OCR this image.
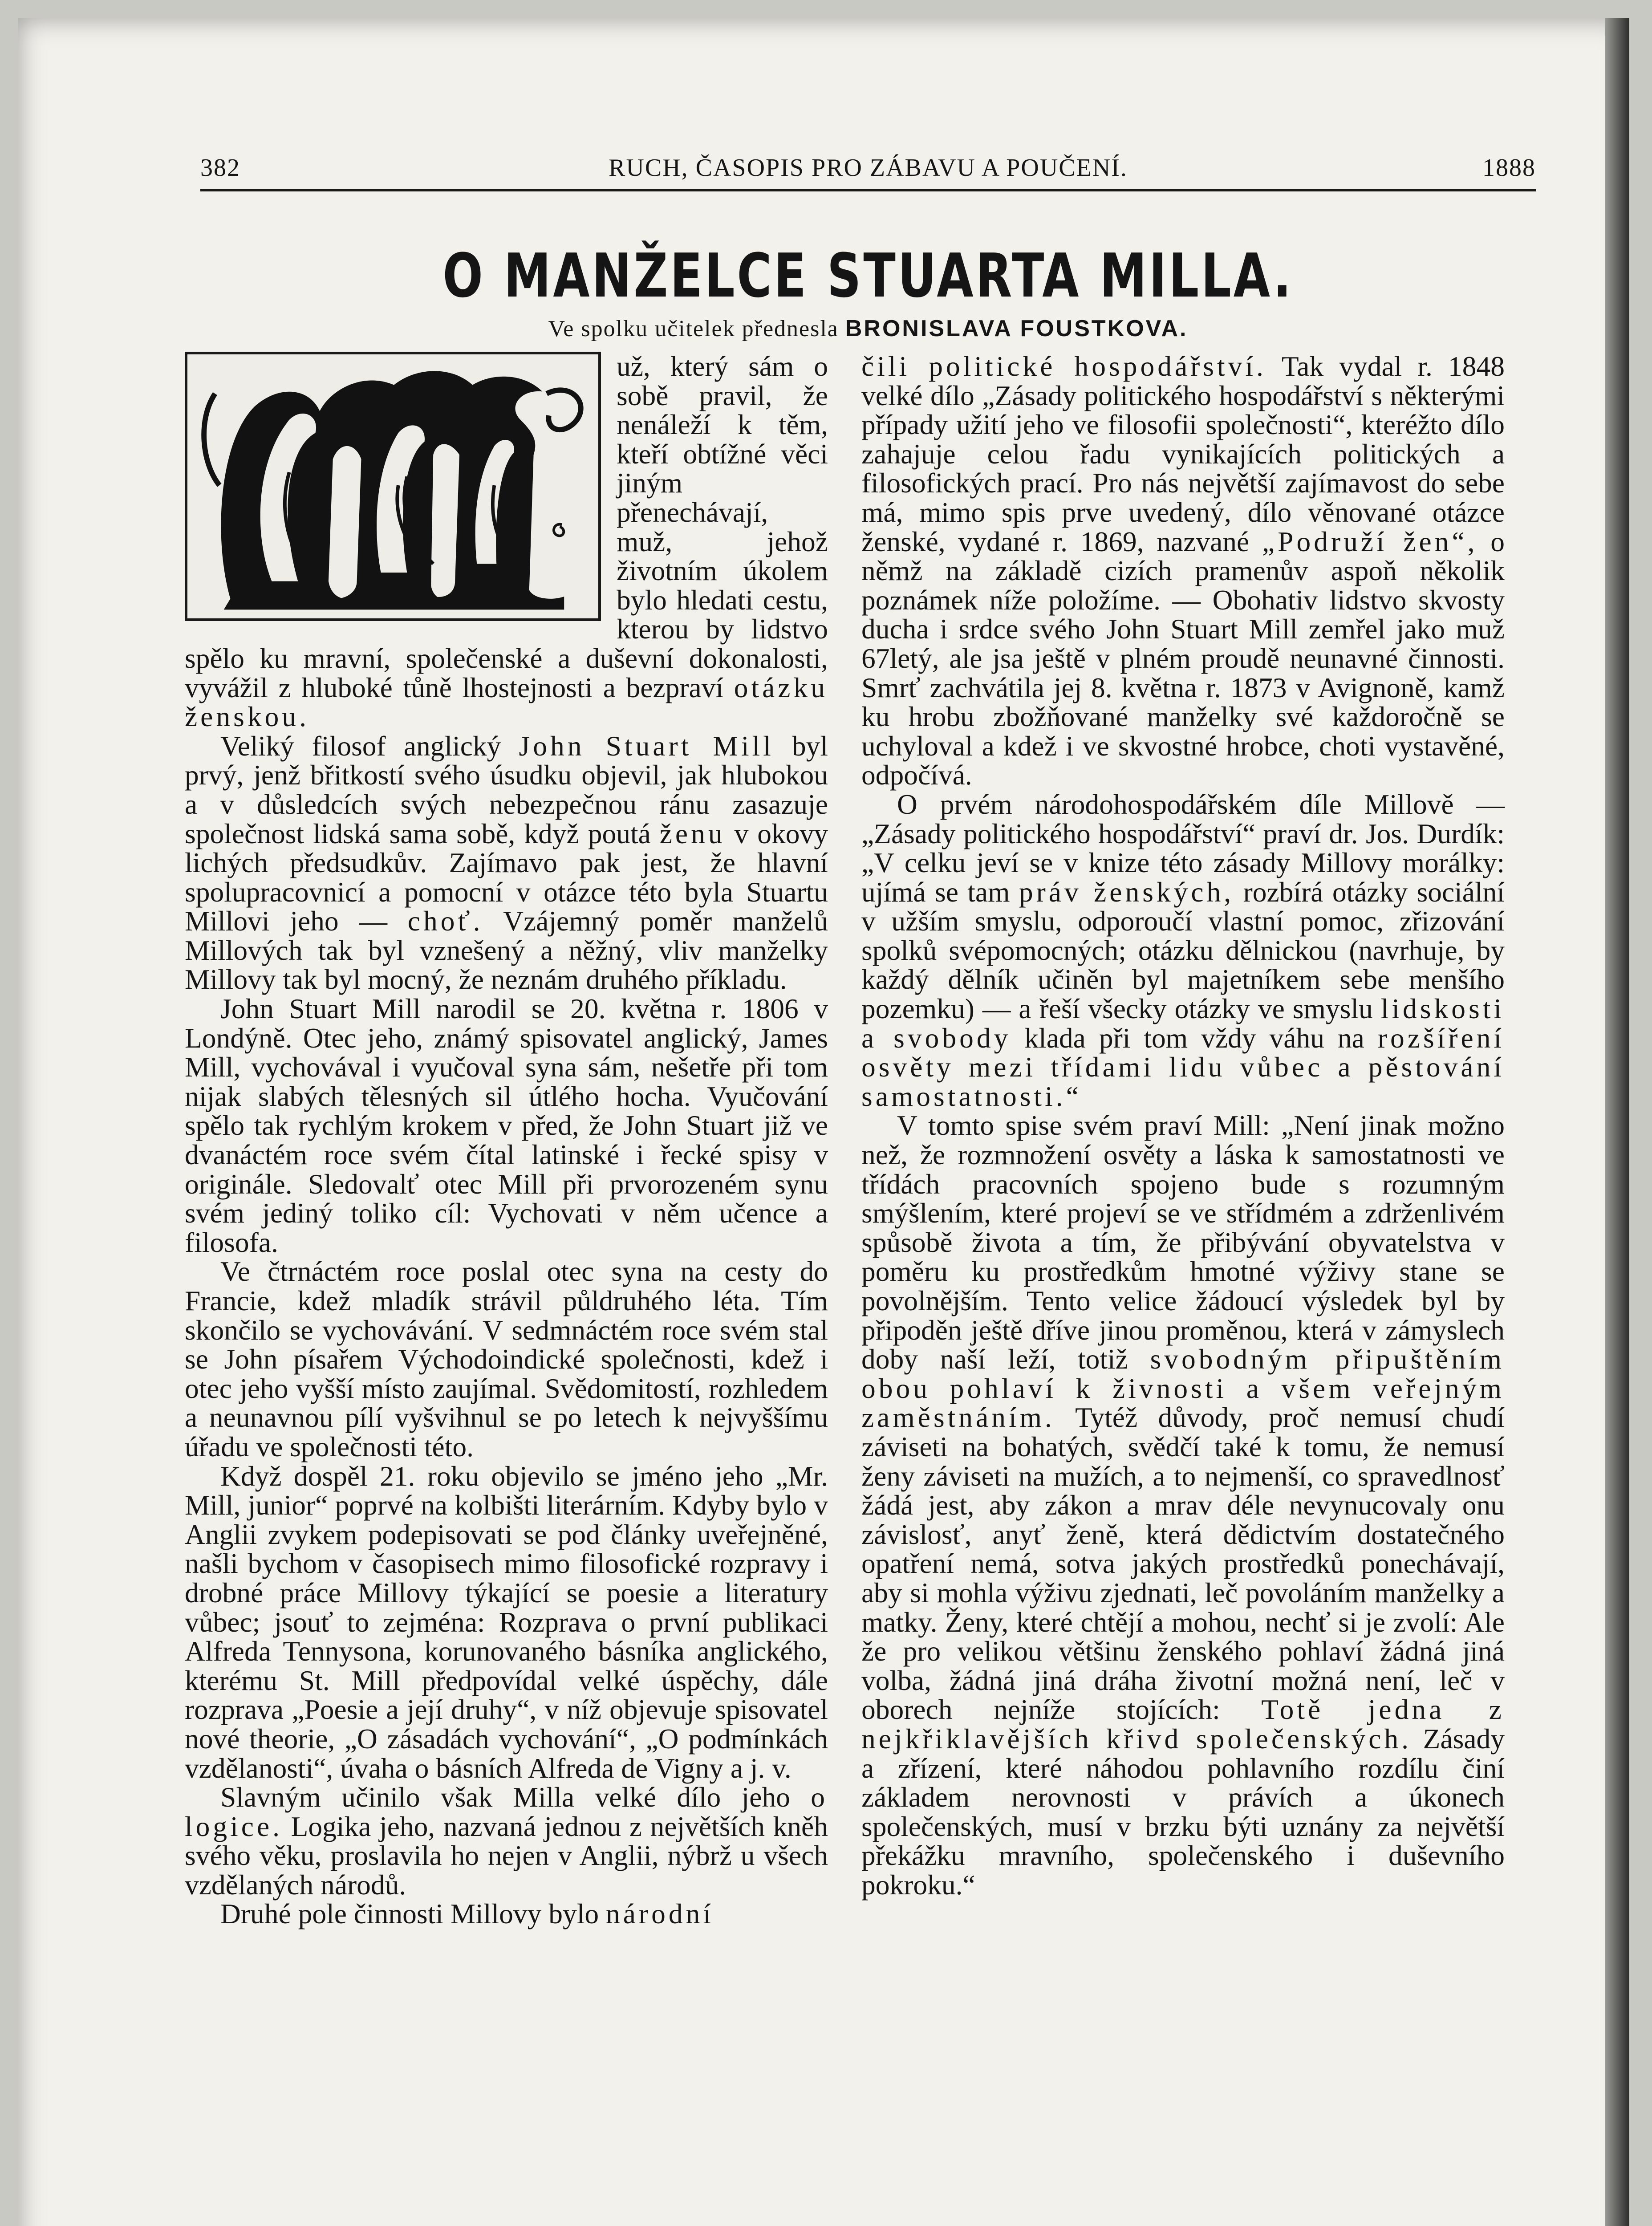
382	RUCH, ČASOPIS PRO ZÁBAVU A POUČENÍ.	1888
O MANŽELCE STUARTA MILLA.
Ve spolku učitelek přednesla BRONISLAVA FOUSTKOVA.

už, který sám o sobě pravil, že nenáleží k těm, kteří obtížné věci jiným přenechávají, muž, jehož životním úkolem bylo hledati cestu, kterou by lidstvo spělo ku mravní, společenské a duševní dokonalosti, vyvážil z hluboké tůně lhostejnosti a bezpraví otázku ženskou.

Veliký filosof anglický John Stuart Mill byl prvý, jenž břitkostí svého úsudku objevil, jak hlubokou a v důsledcích svých nebezpečnou ránu zasazuje společnost lidská sama sobě, když poutá ženu v okovy lichých předsudkův. Zajímavo pak jest, že hlavní spolupracovnicí a pomocní v otázce této byla Stuartu Millovi jeho — choť. Vzájemný poměr manželů Millových tak byl vznešený a něžný, vliv manželky Millovy tak byl mocný, že neznám druhého příkladu.

John Stuart Mill narodil se 20. května r. 1806 v Londýně. Otec jeho, známý spisovatel anglický, James Mill, vychovával i vyučoval syna sám, nešetře při tom nijak slabých tělesných sil útlého hocha. Vyučování spělo tak rychlým krokem v před, že John Stuart již ve dvanáctém roce svém čítal latinské i řecké spisy v originále. Sledovalť otec Mill při prvorozeném synu svém jediný toliko cíl: Vychovati v něm učence a filosofa.

Ve čtrnáctém roce poslal otec syna na cesty do Francie, kdež mladík strávil půldruhého léta. Tím skončilo se vychovávání. V sedmnáctém roce svém stal se John písařem Východoindické společnosti, kdež i otec jeho vyšší místo zaujímal. Svědomitostí, rozhledem a neunavnou pílí vyšvihnul se po letech k nejvyššímu úřadu ve společnosti této.

Když dospěl 21. roku objevilo se jméno jeho „Mr. Mill, junior“ poprvé na kolbišti literárním. Kdyby bylo v Anglii zvykem podepisovati se pod články uveřejněné, našli bychom v časopisech mimo filosofické rozpravy i drobné práce Millovy týkající se poesie a literatury vůbec; jsouť to zejména: Rozprava o první publikaci Alfreda Tennysona, korunovaného básníka anglického, kterému St. Mill předpovídal velké úspěchy, dále rozprava „Poesie a její druhy“, v níž objevuje spisovatel nové theorie, „O zásadách vychování“, „O podmínkách vzdělanosti“, úvaha o básních Alfreda de Vigny a j. v.

Slavným učinilo však Milla velké dílo jeho o logice. Logika jeho, nazvaná jednou z největších kněh svého věku, proslavila ho nejen v Anglii, nýbrž u všech vzdělaných národů.

Druhé pole činnosti Millovy bylo národní

čili politické hospodářství. Tak vydal r. 1848 velké dílo „Zásady politického hospodářství s některými případy užití jeho ve filosofii společnosti“, kteréžto dílo zahajuje celou řadu vynikajících politických a filosofických prací. Pro nás největší zajímavost do sebe má, mimo spis prve uvedený, dílo věnované otázce ženské, vydané r. 1869, nazvané „Podruží žen“, o němž na základě cizích pramenův aspoň několik poznámek níže položíme. — Obohativ lidstvo skvosty ducha i srdce svého John Stuart Mill zemřel jako muž 67letý, ale jsa ještě v plném proudě neunavné činnosti. Smrť zachvátila jej 8. května r. 1873 v Avignoně, kamž ku hrobu zbožňované manželky své každoročně se uchyloval a kdež i ve skvostné hrobce, choti vystavěné, odpočívá.

O prvém národohospodářském díle Millově — „Zásady politického hospodářství“ praví dr. Jos. Durdík: „V celku jeví se v knize této zásady Millovy morálky: ujímá se tam práv ženských, rozbírá otázky sociální v užším smyslu, odporoučí vlastní pomoc, zřizování spolků svépomocných; otázku dělnickou (navrhuje, by každý dělník učiněn byl majetníkem sebe menšího pozemku) — a řeší všecky otázky ve smyslu lidskosti a svobody klada při tom vždy váhu na rozšíření osvěty mezi třídami lidu vůbec a pěstování samostatnosti.“

V tomto spise svém praví Mill: „Není jinak možno než, že rozmnožení osvěty a láska k samostatnosti ve třídách pracovních spojeno bude s rozumným smýšlením, které projeví se ve střídmém a zdrženlivém spůsobě života a tím, že přibývání obyvatelstva v poměru ku prostředkům hmotné výživy stane se povolnějším. Tento velice žádoucí výsledek byl by připoděn ještě dříve jinou proměnou, která v zámyslech doby naší leží, totiž svobodným připuštěním obou pohlaví k živnosti a všem veřejným zaměstnáním. Tytéž důvody, proč nemusí chudí záviseti na bohatých, svědčí také k tomu, že nemusí ženy záviseti na mužích, a to nejmenší, co spravedlnosť žádá jest, aby zákon a mrav déle nevynucovaly onu závislosť, anyť ženě, která dědictvím dostatečného opatření nemá, sotva jakých prostředků ponechávají, aby si mohla výživu zjednati, leč povoláním manželky a matky. Ženy, které chtějí a mohou, nechť si je zvolí: Ale že pro velikou většinu ženského pohlaví žádná jiná volba, žádná jiná dráha životní možná není, leč v oborech nejníže stojících: Totě jedna z nejkřiklavějších křivd společenských. Zásady a zřízení, které náhodou pohlavního rozdílu činí základem nerovnosti v právích a úkonech společenských, musí v brzku býti uznány za největší překážku mravního, společenského i duševního pokroku.“
